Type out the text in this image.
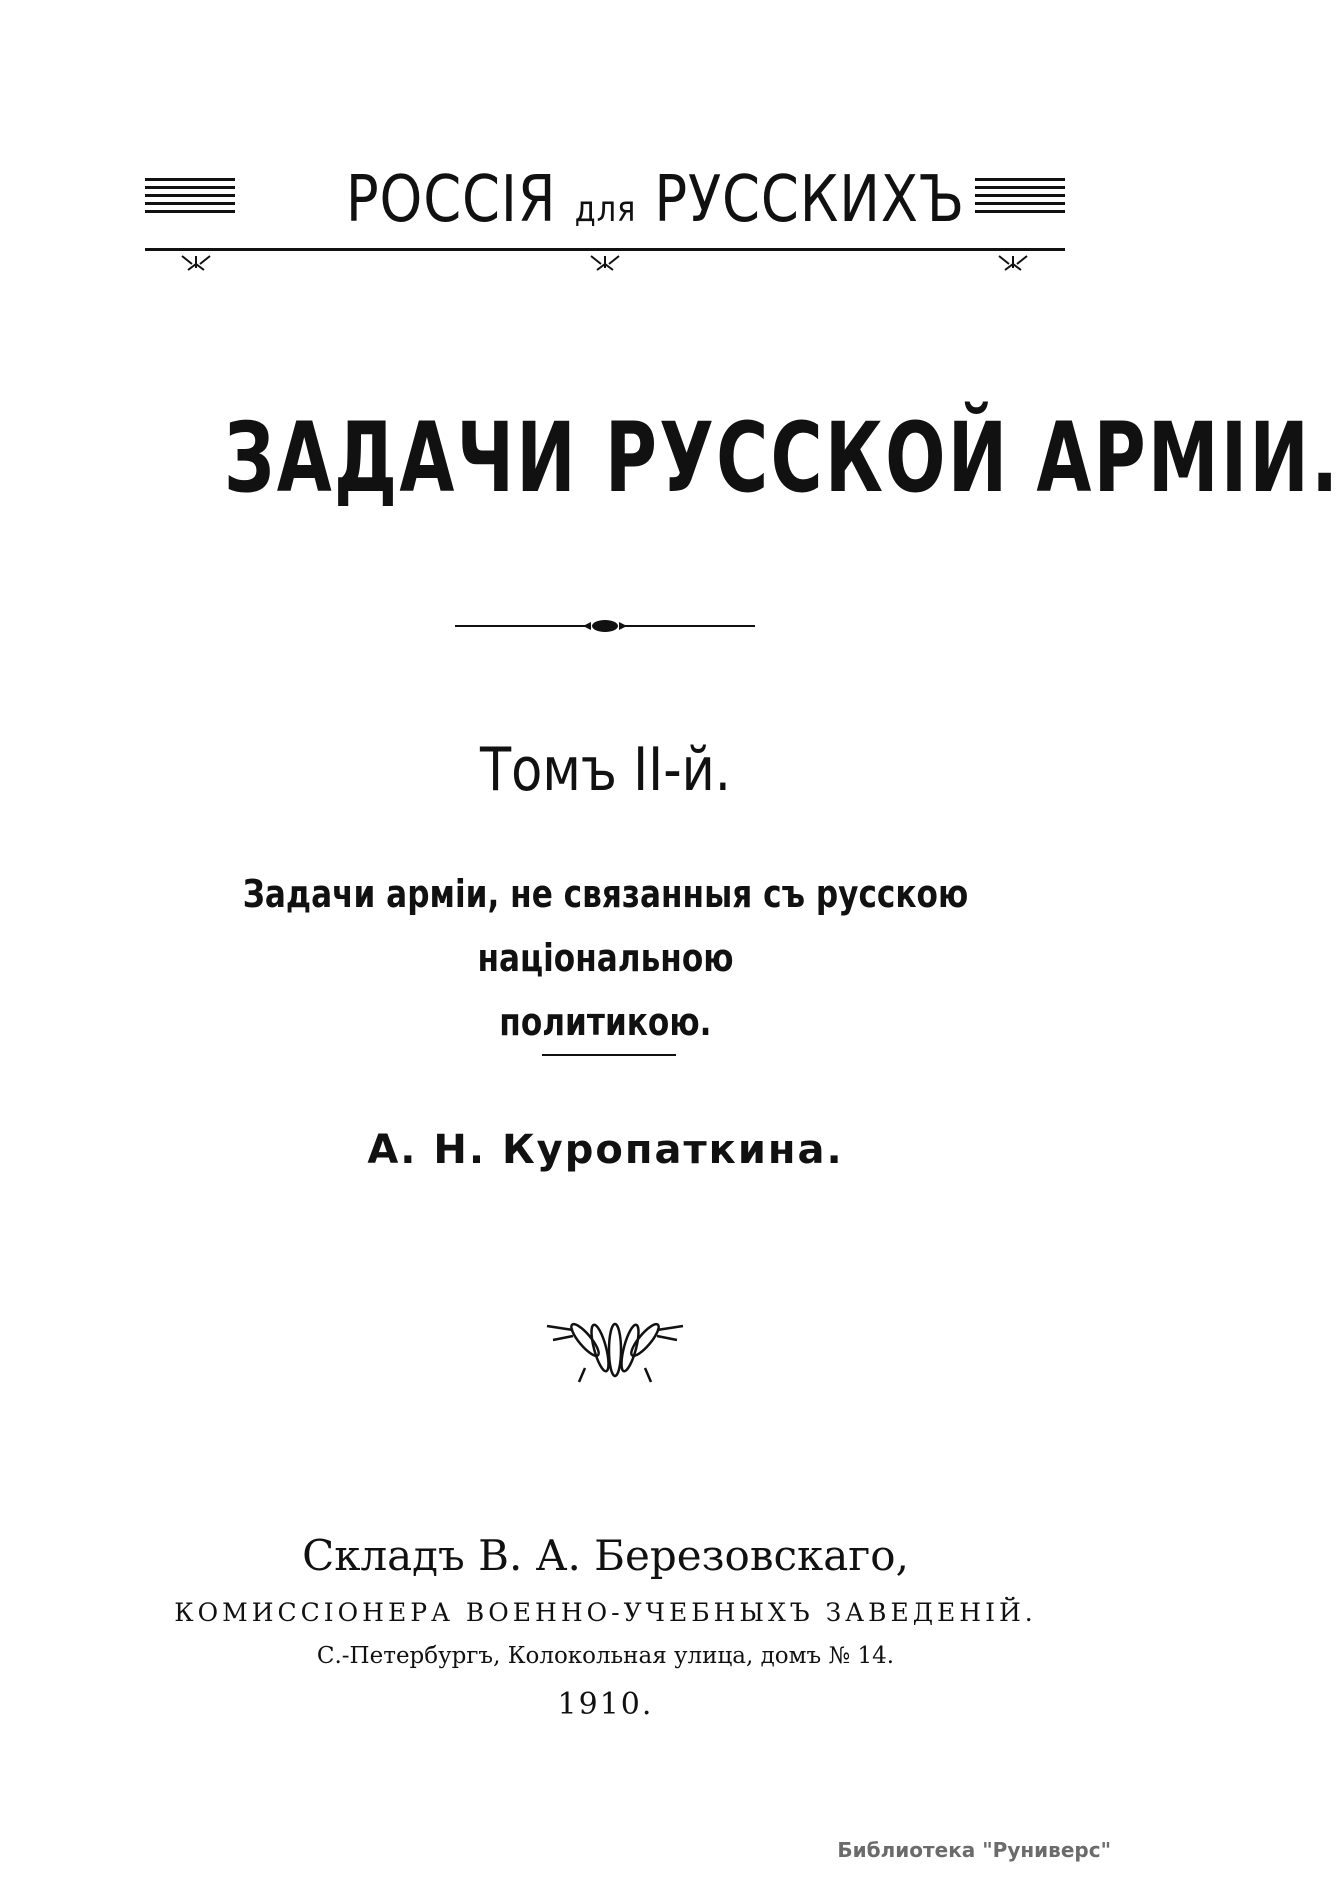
РОССIЯ для РУССКИХЪ
ЗАДАЧИ РУССКОЙ АРМIИ.
Томъ II-й.
Задачи армiи, не связанныя съ русскою нацiональною
политикою.
А. Н. Куропаткина.
Складъ В. А. Березовскаго,
КОМИССIОНЕРА ВОЕННО-УЧЕБНЫХЪ ЗАВЕДЕНIЙ.
С.-Петербургъ, Колокольная улица, домъ № 14.
1910.
Библиотека "Руниверс"
